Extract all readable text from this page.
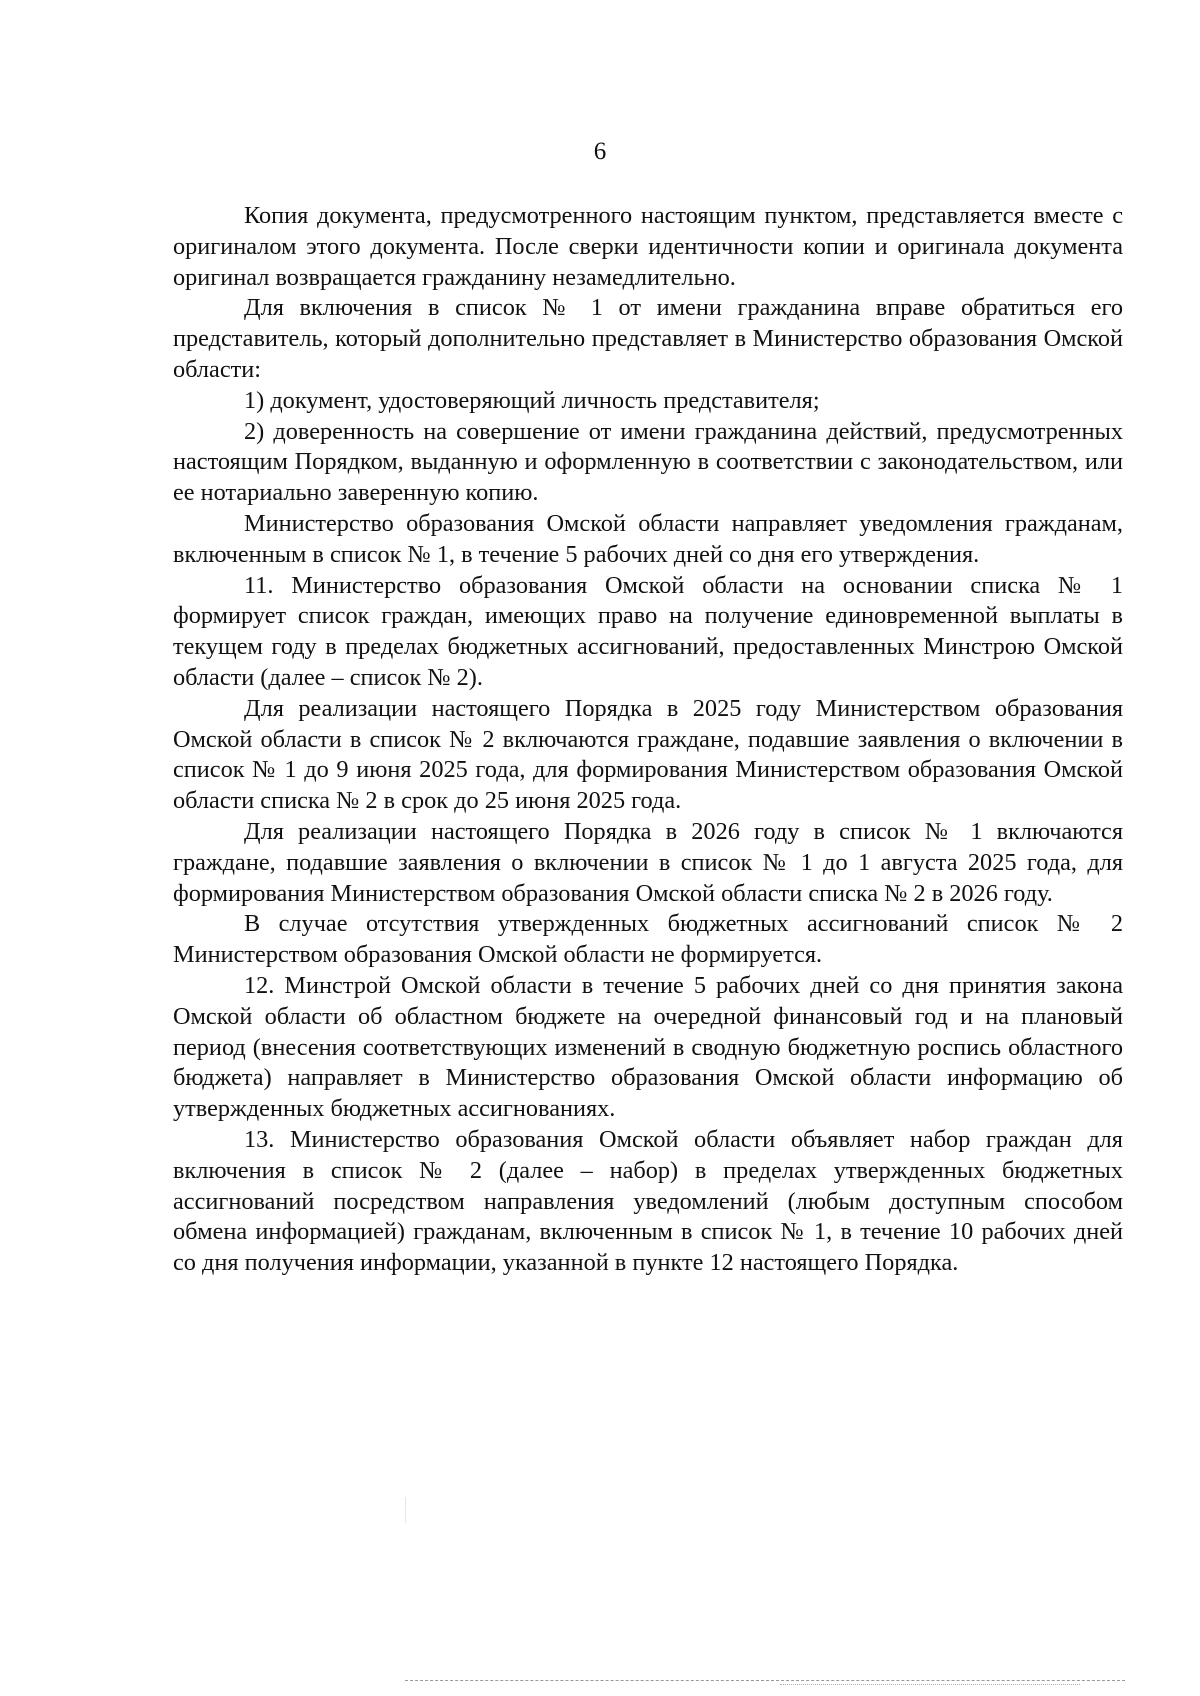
6

Копия документа, предусмотренного настоящим пунктом, представляется вместе с оригиналом этого документа. После сверки идентичности копии и оригинала документа оригинал возвращается гражданину незамедлительно.

Для включения в список № 1 от имени гражданина вправе обратиться его представитель, который дополнительно представляет в Министерство образования Омской области:

1) документ, удостоверяющий личность представителя;

2) доверенность на совершение от имени гражданина действий, предусмотренных настоящим Порядком, выданную и оформленную в соответствии с законодательством, или ее нотариально заверенную копию.

Министерство образования Омской области направляет уведомления гражданам, включенным в список № 1, в течение 5 рабочих дней со дня его утверждения.

11. Министерство образования Омской области на основании списка № 1 формирует список граждан, имеющих право на получение единовременной выплаты в текущем году в пределах бюджетных ассигнований, предоставленных Минстрою Омской области (далее – список № 2).

Для реализации настоящего Порядка в 2025 году Министерством образования Омской области в список № 2 включаются граждане, подавшие заявления о включении в список № 1 до 9 июня 2025 года, для формирования Министерством образования Омской области списка № 2 в срок до 25 июня 2025 года.

Для реализации настоящего Порядка в 2026 году в список № 1 включаются граждане, подавшие заявления о включении в список № 1 до 1 августа 2025 года, для формирования Министерством образования Омской области списка № 2 в 2026 году.

В случае отсутствия утвержденных бюджетных ассигнований список № 2 Министерством образования Омской области не формируется.

12. Минстрой Омской области в течение 5 рабочих дней со дня принятия закона Омской области об областном бюджете на очередной финансовый год и на плановый период (внесения соответствующих изменений в сводную бюджетную роспись областного бюджета) направляет в Министерство образования Омской области информацию об утвержденных бюджетных ассигнованиях.

13. Министерство образования Омской области объявляет набор граждан для включения в список № 2 (далее – набор) в пределах утвержденных бюджетных ассигнований посредством направления уведомлений (любым доступным способом обмена информацией) гражданам, включенным в список № 1, в течение 10 рабочих дней со дня получения информации, указанной в пункте 12 настоящего Порядка.
